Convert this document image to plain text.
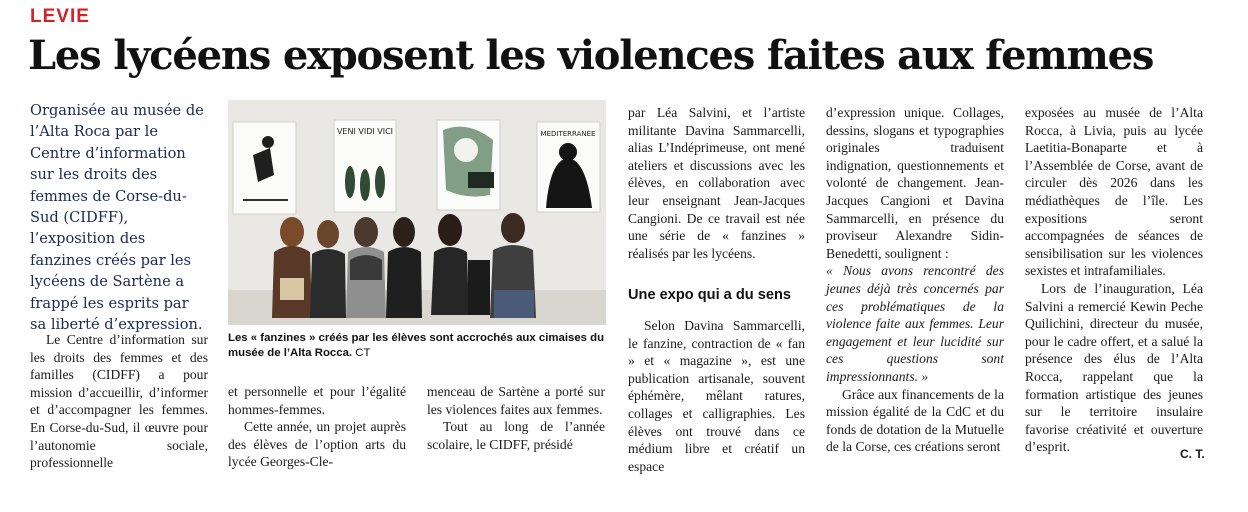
LEVIE
Les lycéens exposent les violences faites aux femmes

Organisée au musée de l’Alta Roca par le Centre d’information sur les droits des femmes de Corse-du-Sud (CIDFF), l’exposition des fanzines créés par les lycéens de Sartène a frappé les esprits par sa liberté d’expression.

Le Centre d’information sur les droits des femmes et des familles (CIDFF) a pour mission d’accueillir, d’informer et d’accompagner les femmes. En Corse-du-Sud, il œuvre pour l’autonomie sociale, professionnelle

VENI VIDI VICI	MEDITERRANEE

Les « fanzines » créés par les élèves sont accrochés aux cimaises du musée de l’Alta Rocca. CT

et personnelle et pour l’égalité hommes-femmes.

Cette année, un projet auprès des élèves de l’option arts du lycée Georges-Cle-

menceau de Sartène a porté sur les violences faites aux femmes.

Tout au long de l’année scolaire, le CIDFF, présidé

par Léa Salvini, et l’artiste militante Davina Sammarcelli, alias L’Indéprimeuse, ont mené ateliers et discussions avec les élèves, en collaboration avec leur enseignant Jean-Jacques Cangioni. De ce travail est née une série de « fanzines » réalisés par les lycéens.

Une expo qui a du sens

Selon Davina Sammarcelli, le fanzine, contraction de « fan » et « magazine », est une publication artisanale, souvent éphémère, mêlant ratures, collages et calligraphies. Les élèves ont trouvé dans ce médium libre et créatif un espace

d’expression unique. Collages, dessins, slogans et typographies originales traduisent indignation, questionnements et volonté de changement. Jean-Jacques Cangioni et Davina Sammarcelli, en présence du proviseur Alexandre Sidin-Benedetti, soulignent :

« Nous avons rencontré des jeunes déjà très concernés par ces problématiques de la violence faite aux femmes. Leur engagement et leur lucidité sur ces questions sont impressionnants. »

Grâce aux financements de la mission égalité de la CdC et du fonds de dotation de la Mutuelle de la Corse, ces créations seront

exposées au musée de l’Alta Rocca, à Livia, puis au lycée Laetitia-Bonaparte et à l’Assemblée de Corse, avant de circuler dès 2026 dans les médiathèques de l’île. Les expositions seront accompagnées de séances de sensibilisation sur les violences sexistes et intrafamiliales.

Lors de l’inauguration, Léa Salvini a remercié Kewin Peche Quilichini, directeur du musée, pour le cadre offert, et a salué la présence des élus de l’Alta Rocca, rappelant que la formation artistique des jeunes sur le territoire insulaire favorise créativité et ouverture d’esprit.	C. T.
